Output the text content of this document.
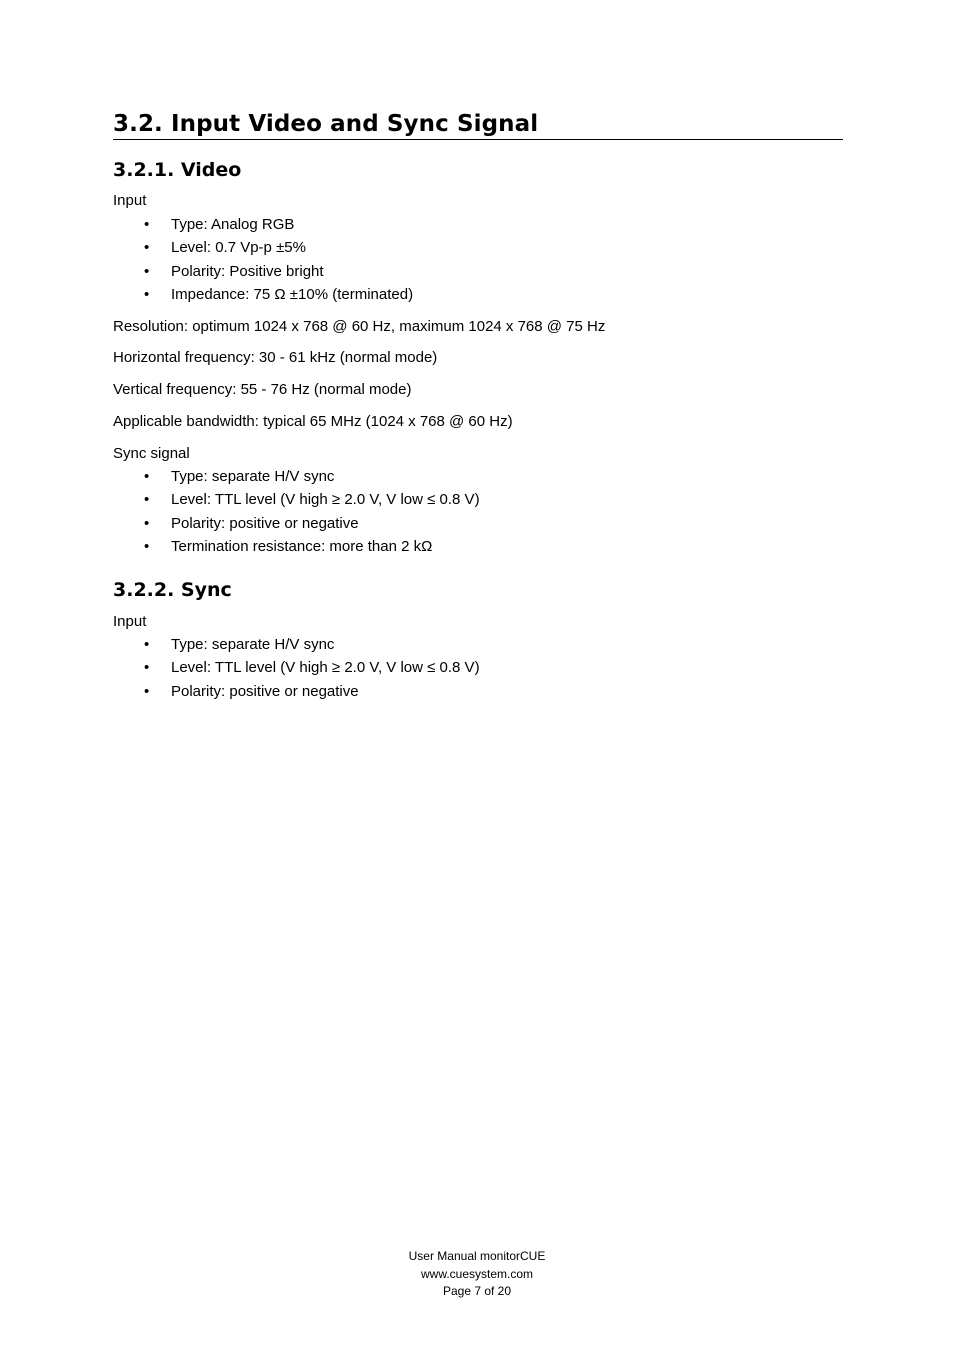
3.2. Input Video and Sync Signal
3.2.1. Video

Input

• Type: Analog RGB
• Level: 0.7 Vp-p ±5%
• Polarity: Positive bright
• Impedance: 75 Ω ±10% (terminated)

Resolution: optimum 1024 x 768 @ 60 Hz, maximum 1024 x 768 @ 75 Hz

Horizontal frequency: 30 - 61 kHz (normal mode)

Vertical frequency: 55 - 76 Hz (normal mode)

Applicable bandwidth: typical 65 MHz (1024 x 768 @ 60 Hz)

Sync signal

• Type: separate H/V sync
• Level: TTL level (V high ≥ 2.0 V, V low ≤ 0.8 V)
• Polarity: positive or negative
• Termination resistance: more than 2 kΩ
3.2.2. Sync

Input

• Type: separate H/V sync
• Level: TTL level (V high ≥ 2.0 V, V low ≤ 0.8 V)
• Polarity: positive or negative
User Manual monitorCUE
www.cuesystem.com
Page 7 of 20
